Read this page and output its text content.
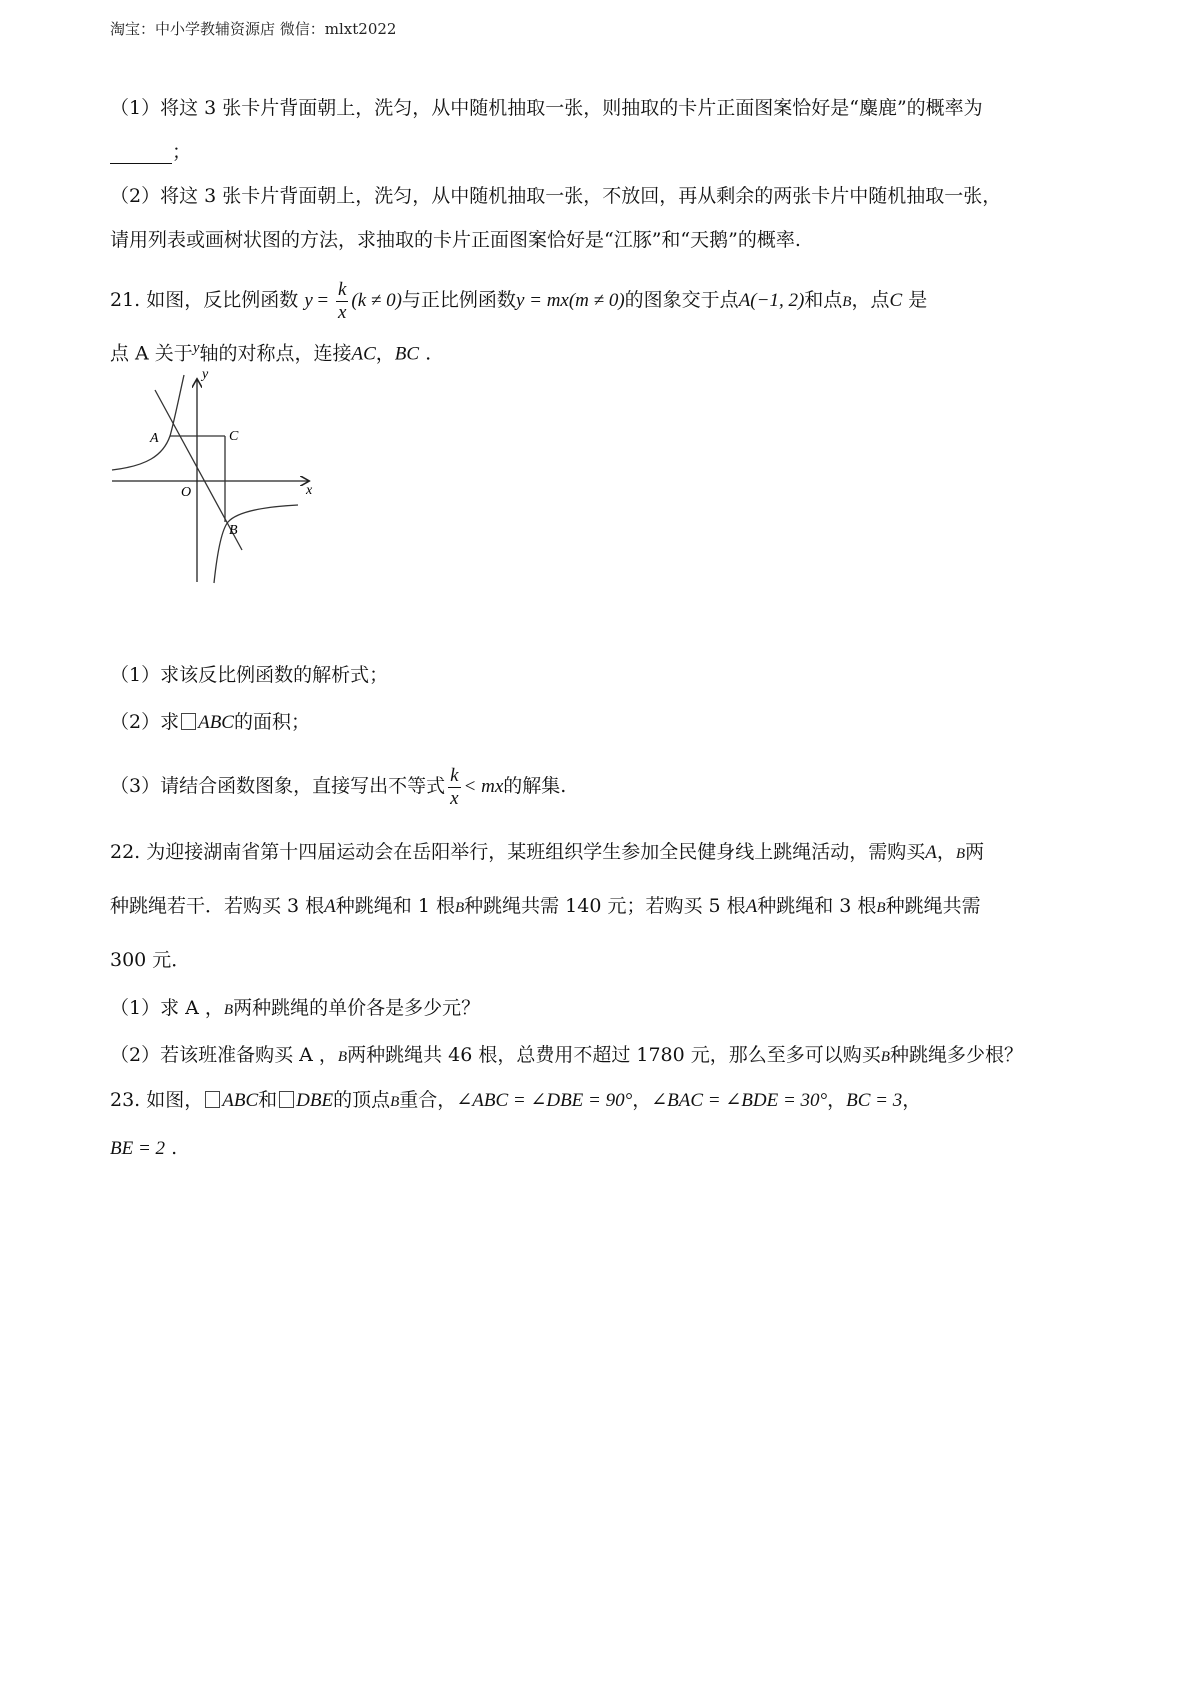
淘宝：中小学教辅资源店 微信：mlxt2022
（1）将这 3 张卡片背面朝上，洗匀，从中随机抽取一张，则抽取的卡片正面图案恰好是“麋鹿”的概率为
；
（2）将这 3 张卡片背面朝上，洗匀，从中随机抽取一张，不放回，再从剩余的两张卡片中随机抽取一张，
请用列表或画树状图的方法，求抽取的卡片正面图案恰好是“江豚”和“天鹅”的概率.
21. 如图，反比例函数 $y = \frac{k}{x} (k \ne 0)$与正比例函数y = mx(m ≠ 0)的图象交于点A(−1, 2)和点B，点C 是
点 A 关于$^y$轴的对称点，连接AC，BC .
A	C
B
O	x
y
（1）求该反比例函数的解析式；
（2）求 ABC的面积；
（3）请结合函数图象，直接写出不等式 $\frac{k}{x}$ < mx的解集.
22. 为迎接湖南省第十四届运动会在岳阳举行，某班组织学生参加全民健身线上跳绳活动，需购买A，B两
种跳绳若干．若购买 3 根A种跳绳和 1 根B种跳绳共需 140 元；若购买 5 根A种跳绳和 3 根B种跳绳共需
300 元．
（1）求 A ，B两种跳绳的单价各是多少元？
（2）若该班准备购买 A ，B两种跳绳共 46 根，总费用不超过 1780 元，那么至多可以购买B种跳绳多少根？
23. 如图， ABC和 DBE的顶点B重合，∠ABC = ∠DBE = 90°，∠BAC = ∠BDE = 30°，BC = 3，
BE = 2 .
